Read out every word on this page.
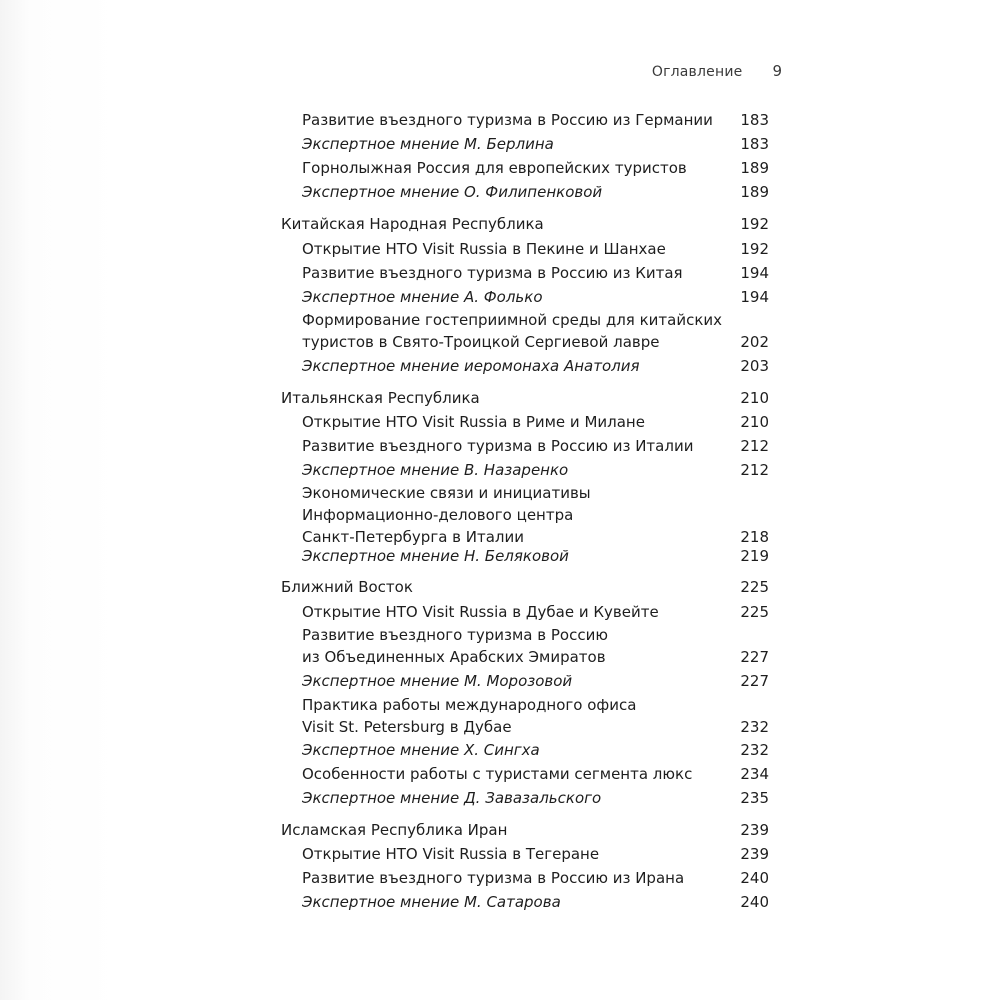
Оглавление 9
Развитие въездного туризма в Россию из Германии 183
Экспертное мнение М. Берлина	183
Горнолыжная Россия для европейских туристов	189
Экспертное мнение О. Филипенковой	189
Китайская Народная Республика	192
Открытие НТО Visit Russia в Пекине и Шанхае	192
Развитие въездного туризма в Россию из Китая	194
Экспертное мнение А. Фолько	194
Формирование гостеприимной среды для китайских
туристов в Свято-Троицкой Сергиевой лавре	202
Экспертное мнение иеромонаха Анатолия	203
Итальянская Республика	210
Открытие НТО Visit Russia в Риме и Милане	210
Развитие въездного туризма в Россию из Италии	212
Экспертное мнение В. Назаренко	212
Экономические связи и инициативы
Информационно-делового центра
Санкт-Петербурга в Италии	218
Экспертное мнение Н. Беляковой	219
Ближний Восток	225
Открытие НТО Visit Russia в Дубае и Кувейте	225
Развитие въездного туризма в Россию
из Объединенных Арабских Эмиратов	227
Экспертное мнение М. Морозовой	227
Практика работы международного офиса
Visit St. Petersburg в Дубае	232
Экспертное мнение Х. Сингха	232
Особенности работы с туристами сегмента люкс	234
Экспертное мнение Д. Завазальского	235
Исламская Республика Иран	239
Открытие НТО Visit Russia в Тегеране	239
Развитие въездного туризма в Россию из Ирана	240
Экспертное мнение М. Сатарова	240
